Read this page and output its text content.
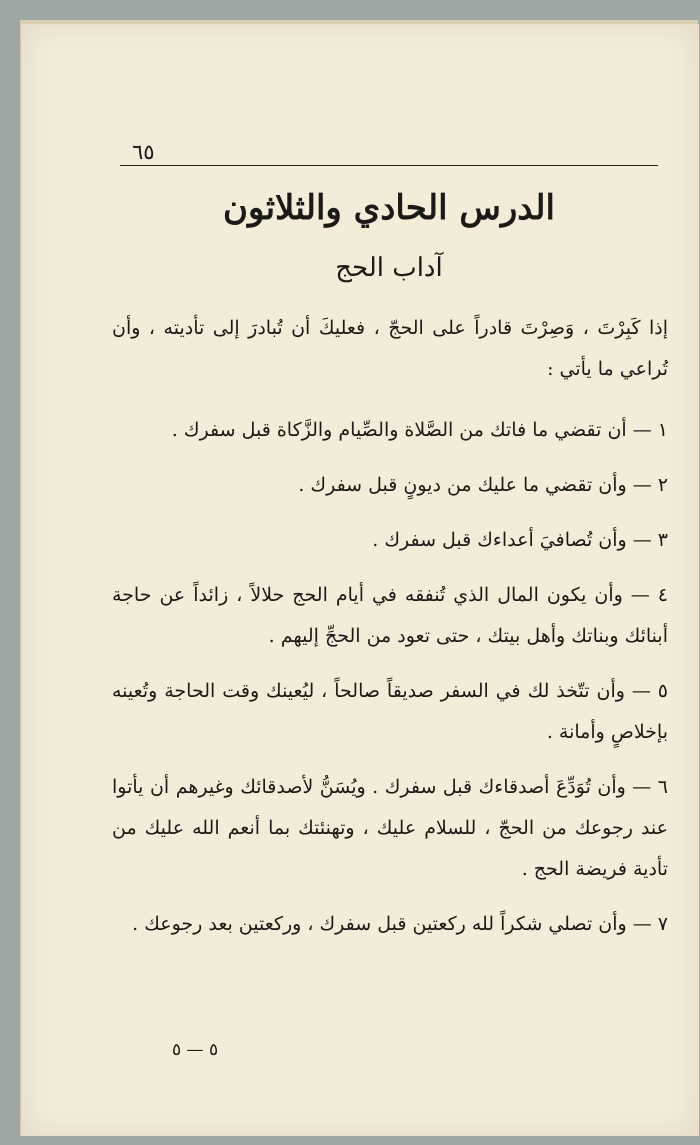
٦٥
الدرس الحادي والثلاثون
آداب الحج

إذا كَبِرْتَ ، وَصِرْتَ قادراً على الحجّ ، فعليكَ أن تُبادرَ إلى تأديته ، وأن تُراعي ما يأتي :

١ — أن تقضي ما فاتك من الصَّلاة والصِّيام والزَّكاة قبل سفرك .

٢ — وأن تقضي ما عليك من ديونٍ قبل سفرك .

٣ — وأن تُصافيَ أعداءك قبل سفرك .

٤ — وأن يكون المال الذي تُنفقه في أيام الحج حلالاً ، زائداً عن حاجة أبنائك وبناتك وأهل بيتك ، حتى تعود من الحجِّ إليهم .

٥ — وأن تتّخذ لك في السفر صديقاً صالحاً ، ليُعينك وقت الحاجة وتُعينه بإخلاصٍ وأمانة .

٦ — وأن تُوَدِّعَ أصدقاءك قبل سفرك . ويُسَنُّ لأصدقائك وغيرهم أن يأتوا عند رجوعك من الحجّ ، للسلام عليك ، وتهنئتك بما أنعم الله عليك من تأدية فريضة الحج .

٧ — وأن تصلي شكراً لله ركعتين قبل سفرك ، وركعتين بعد رجوعك .

٥ — ٥
